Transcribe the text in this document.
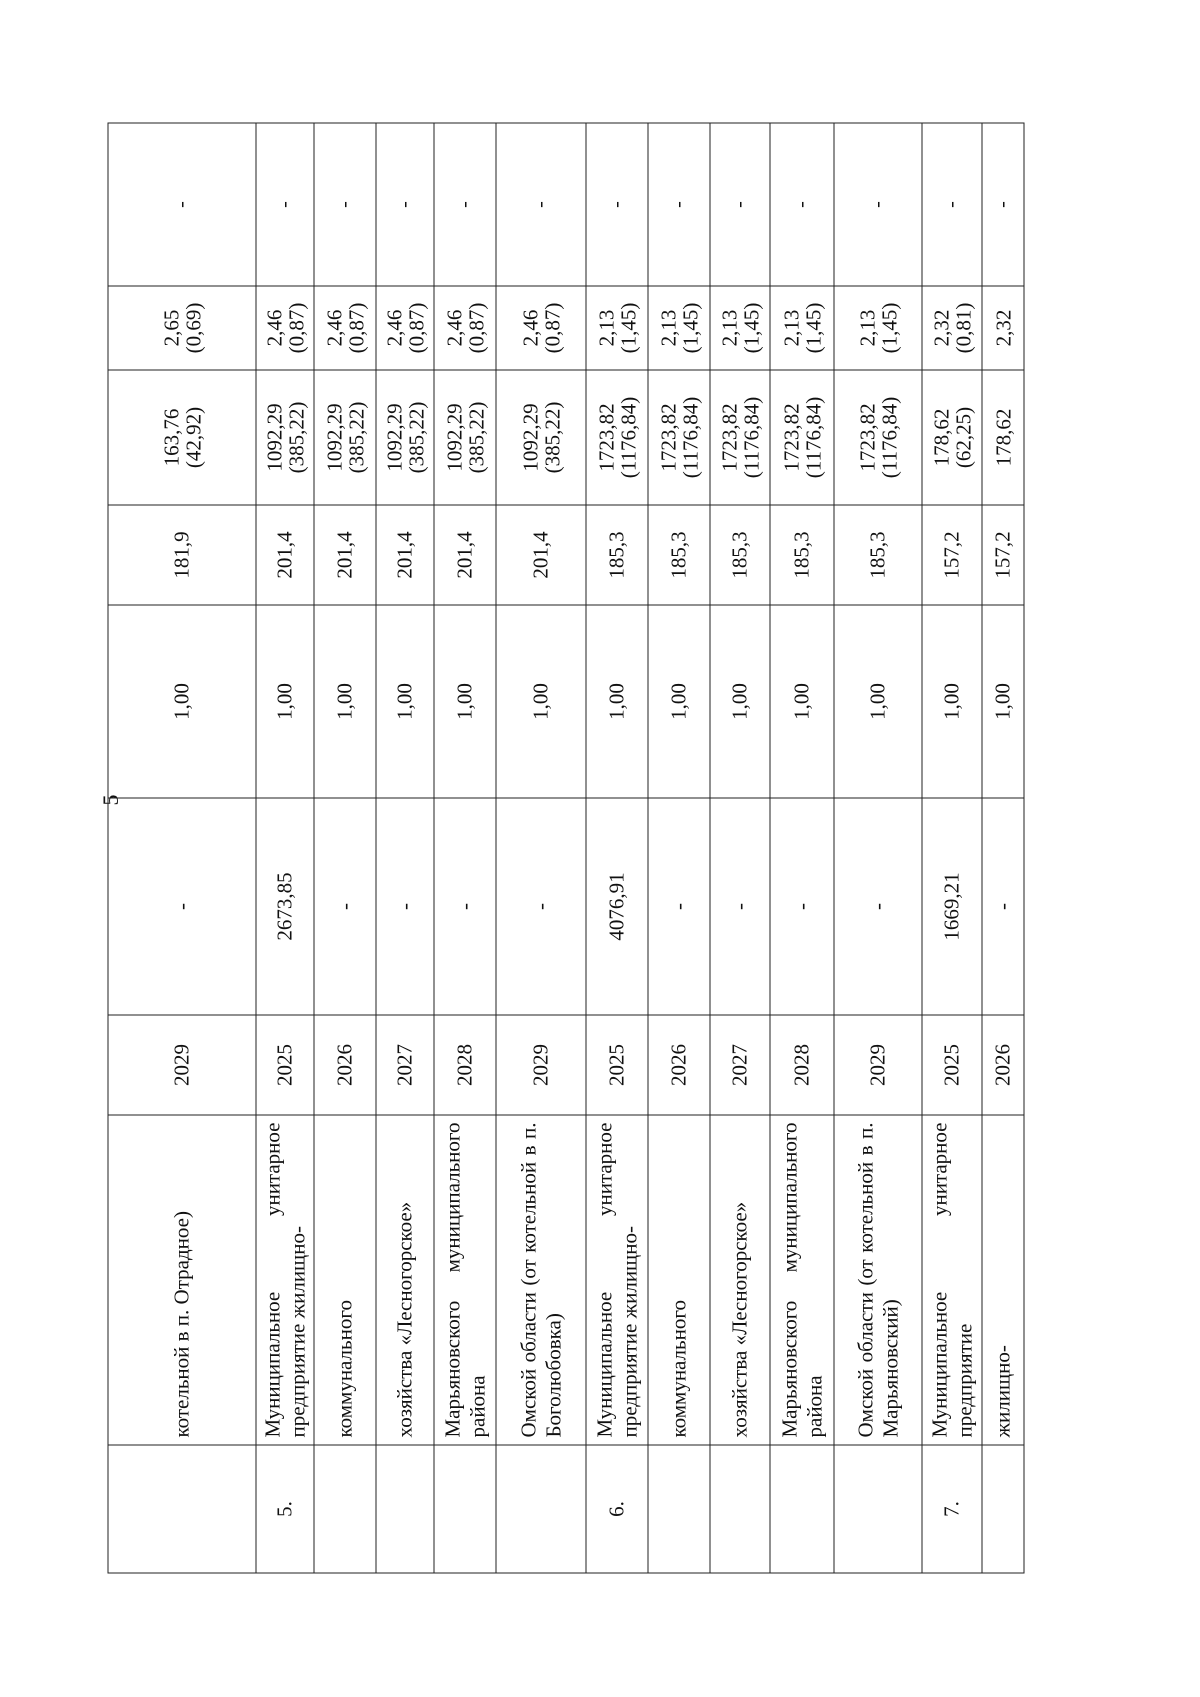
5
	котельной в п. Отрадное)	2029	-	1,00	181,9	163,76 (42,92)	2,65 (0,69)	-
5.	Муниципальное унитарное предприятие жилищно-	2025	2673,85	1,00	201,4	1092,29 (385,22)	2,46 (0,87)	-
	коммунального	2026	-	1,00	201,4	1092,29 (385,22)	2,46 (0,87)	-
	хозяйства «Лесногорское»	2027	-	1,00	201,4	1092,29 (385,22)	2,46 (0,87)	-
	Марьяновского муниципального района	2028	-	1,00	201,4	1092,29 (385,22)	2,46 (0,87)	-
	Омской области (от котельной в п. Боголюбовка)	2029	-	1,00	201,4	1092,29 (385,22)	2,46 (0,87)	-
6.	Муниципальное унитарное предприятие жилищно-	2025	4076,91	1,00	185,3	1723,82 (1176,84)	2,13 (1,45)	-
	коммунального	2026	-	1,00	185,3	1723,82 (1176,84)	2,13 (1,45)	-
	хозяйства «Лесногорское»	2027	-	1,00	185,3	1723,82 (1176,84)	2,13 (1,45)	-
	Марьяновского муниципального района	2028	-	1,00	185,3	1723,82 (1176,84)	2,13 (1,45)	-
	Омской области (от котельной в п. Марьяновский)	2029	-	1,00	185,3	1723,82 (1176,84)	2,13 (1,45)	-
7.	Муниципальное унитарное предприятие	2025	1669,21	1,00	157,2	178,62 (62,25)	2,32 (0,81)	-
	жилищно-	2026	-	1,00	157,2	178,62	2,32	-
